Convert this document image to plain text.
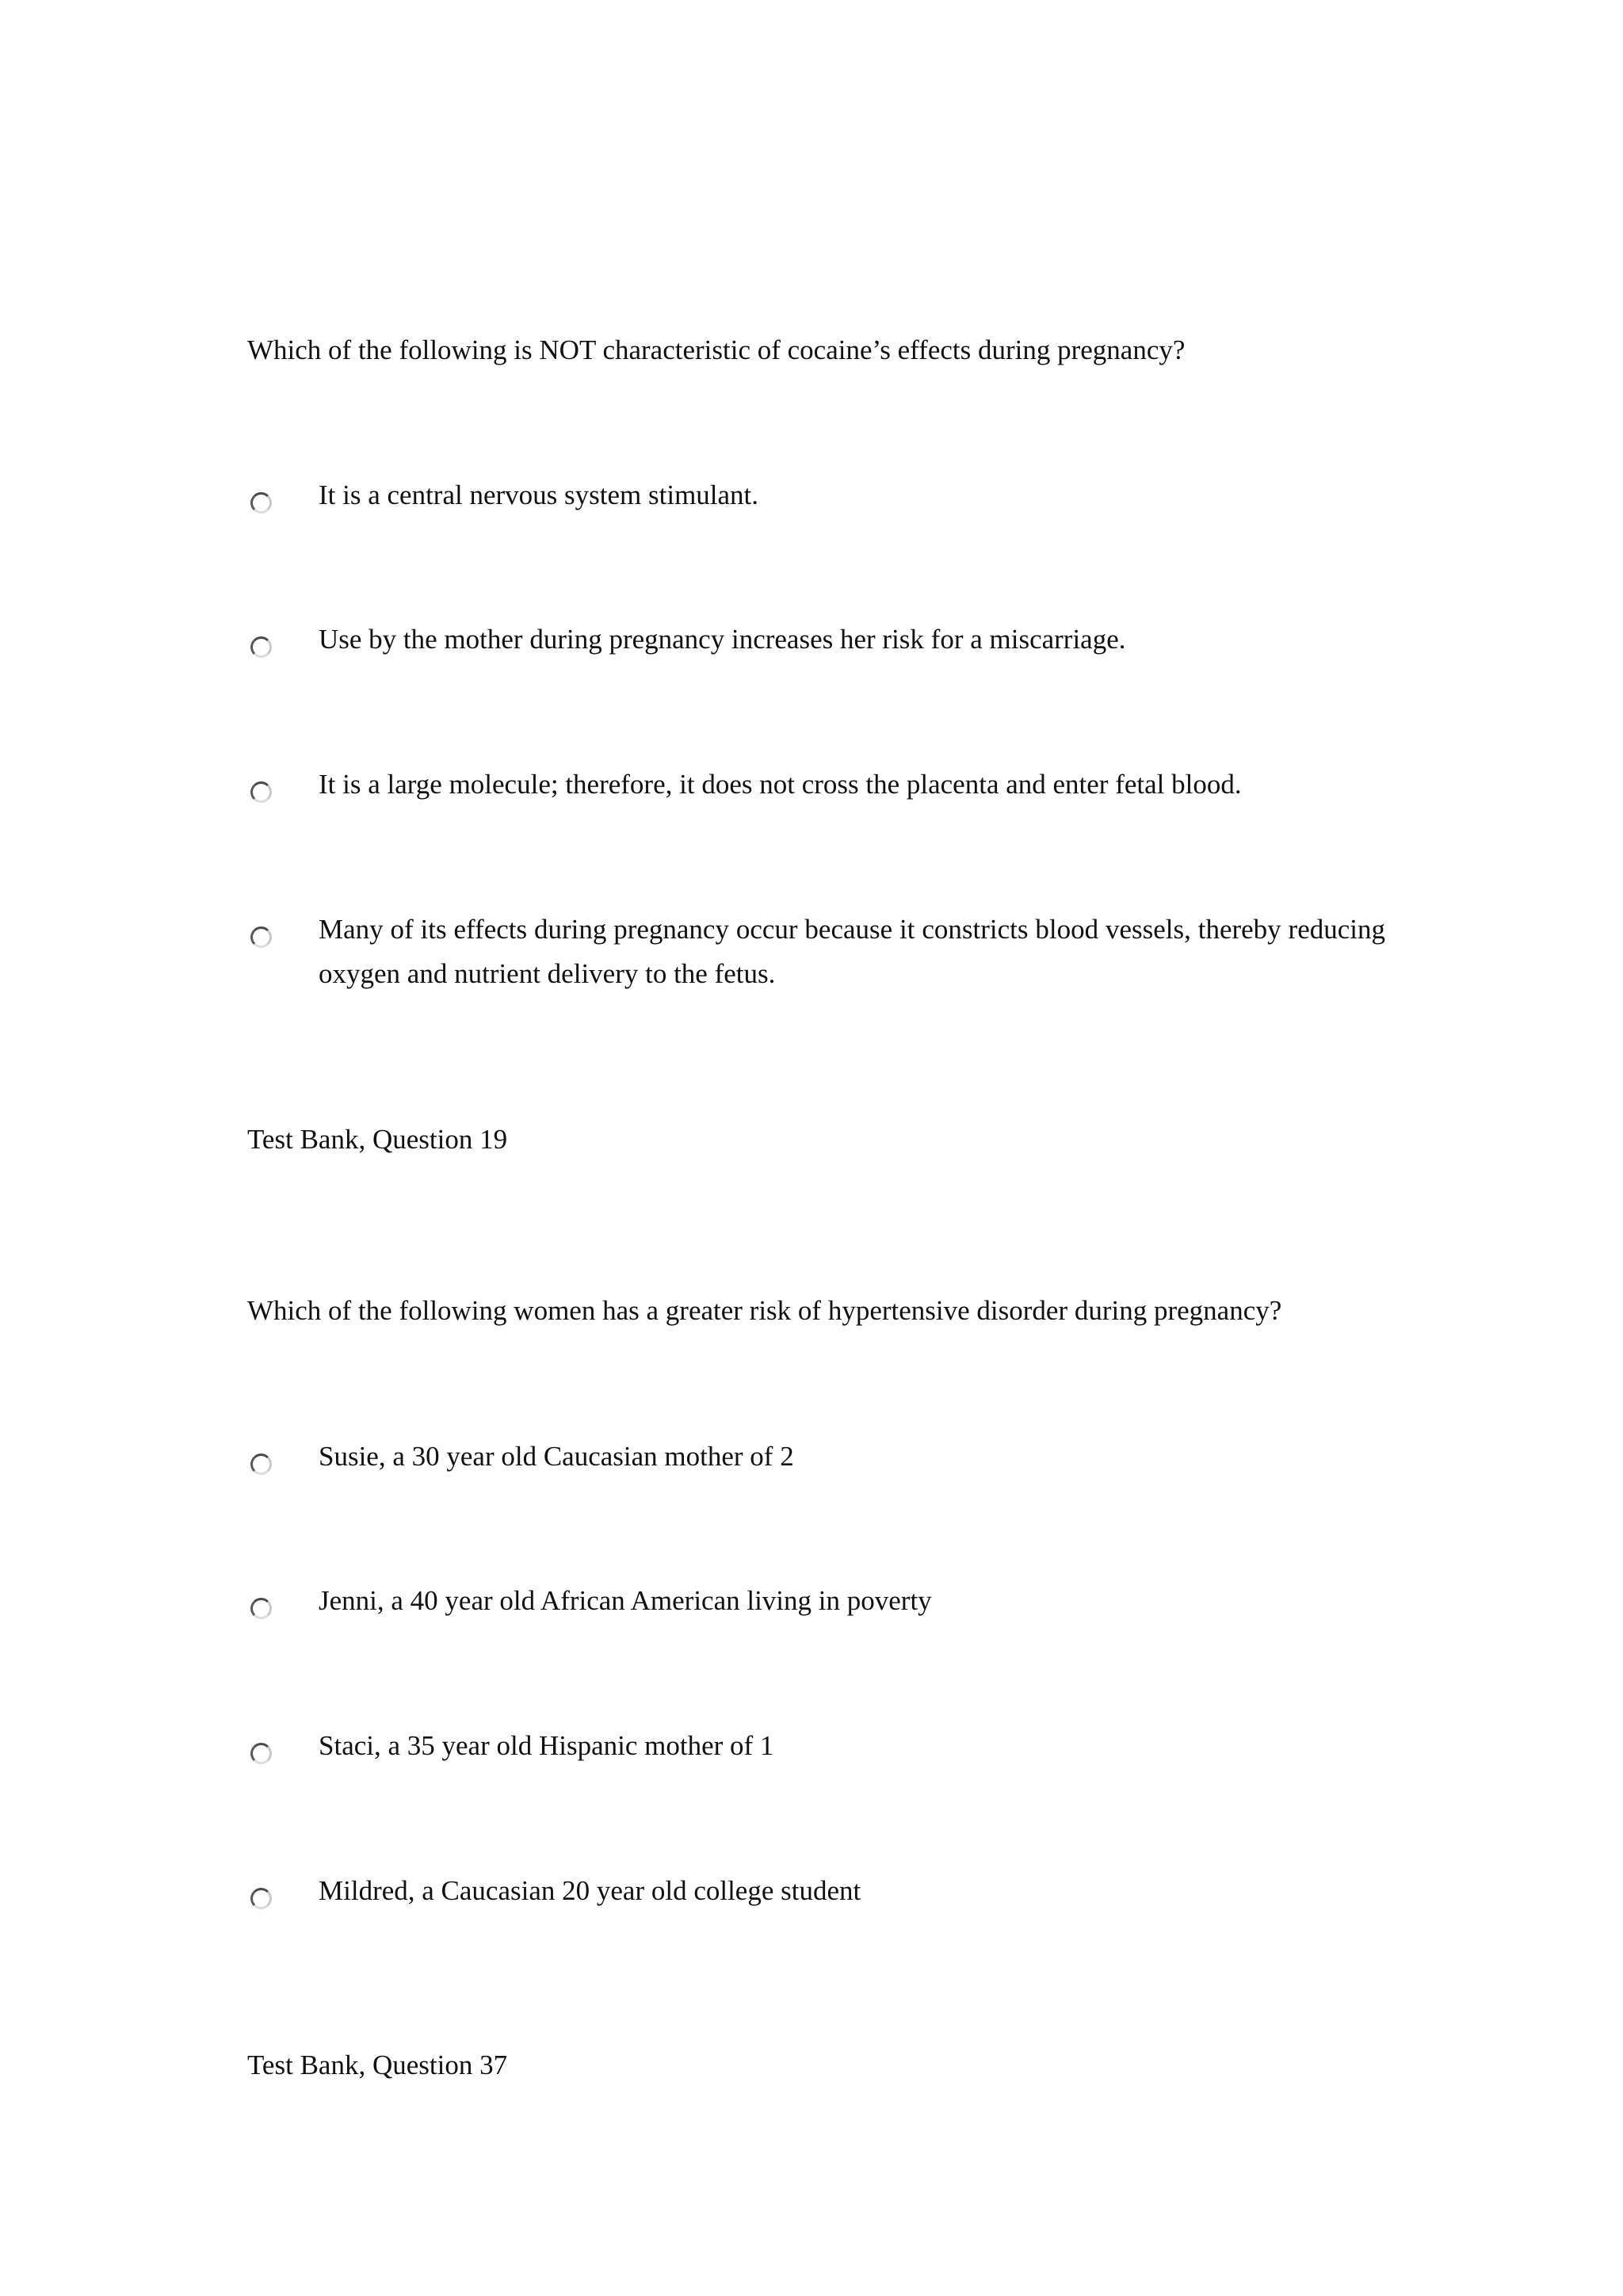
Which of the following is NOT characteristic of cocaine’s effects during pregnancy?
It is a central nervous system stimulant.
Use by the mother during pregnancy increases her risk for a miscarriage.
It is a large molecule; therefore, it does not cross the placenta and enter fetal blood.
Many of its effects during pregnancy occur because it constricts blood vessels, thereby reducing oxygen and nutrient delivery to the fetus.
Test Bank, Question 19
Which of the following women has a greater risk of hypertensive disorder during pregnancy?
Susie, a 30 year old Caucasian mother of 2
Jenni, a 40 year old African American living in poverty
Staci, a 35 year old Hispanic mother of 1
Mildred, a Caucasian 20 year old college student
Test Bank, Question 37
